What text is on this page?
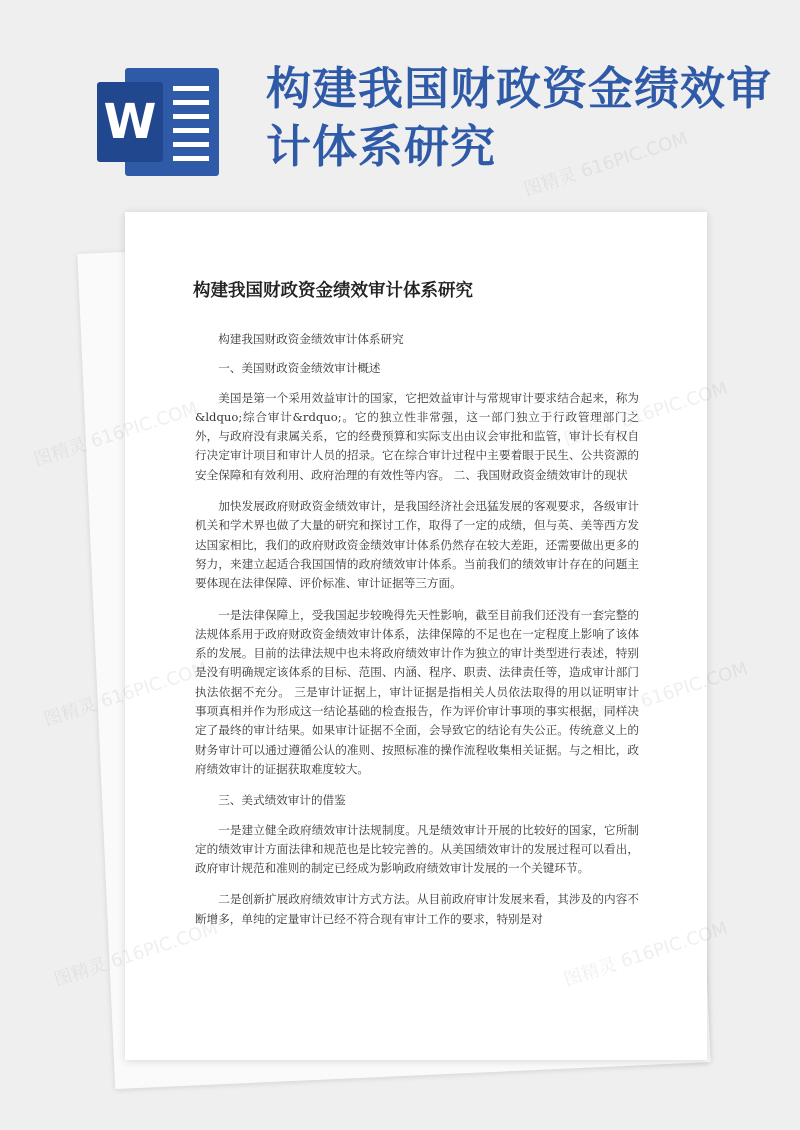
W
构建我国财政资金绩效审计体系研究
构建我国财政资金绩效审计体系研究

构建我国财政资金绩效审计体系研究

一、美国财政资金绩效审计概述

美国是第一个采用效益审计的国家，它把效益审计与常规审计要求结合起来，称为&ldquo;综合审计&rdquo;。它的独立性非常强，这一部门独立于行政管理部门之外，与政府没有隶属关系，它的经费预算和实际支出由议会审批和监管，审计长有权自行决定审计项目和审计人员的招录。它在综合审计过程中主要着眼于民生、公共资源的安全保障和有效利用、政府治理的有效性等内容。 二、我国财政资金绩效审计的现状

加快发展政府财政资金绩效审计，是我国经济社会迅猛发展的客观要求，各级审计机关和学术界也做了大量的研究和探讨工作，取得了一定的成绩，但与英、美等西方发达国家相比，我们的政府财政资金绩效审计体系仍然存在较大差距，还需要做出更多的努力，来建立起适合我国国情的政府绩效审计体系。当前我们的绩效审计存在的问题主要体现在法律保障、评价标准、审计证据等三方面。

一是法律保障上，受我国起步较晚得先天性影响，截至目前我们还没有一套完整的法规体系用于政府财政资金绩效审计体系，法律保障的不足也在一定程度上影响了该体系的发展。目前的法律法规中也未将政府绩效审计作为独立的审计类型进行表述，特别是没有明确规定该体系的目标、范围、内涵、程序、职责、法律责任等，造成审计部门执法依据不充分。 三是审计证据上，审计证据是指相关人员依法取得的用以证明审计事项真相并作为形成这一结论基础的检查报告，作为评价审计事项的事实根据，同样决定了最终的审计结果。如果审计证据不全面，会导致它的结论有失公正。传统意义上的财务审计可以通过遵循公认的准则、按照标准的操作流程收集相关证据。与之相比，政府绩效审计的证据获取难度较大。

三、美式绩效审计的借鉴

一是建立健全政府绩效审计法规制度。凡是绩效审计开展的比较好的国家，它所制定的绩效审计方面法律和规范也是比较完善的。从美国绩效审计的发展过程可以看出，政府审计规范和准则的制定已经成为影响政府绩效审计发展的一个关键环节。

二是创新扩展政府绩效审计方式方法。从目前政府审计发展来看，其涉及的内容不断增多，单纯的定量审计已经不符合现有审计工作的要求，特别是对

图精灵 616PIC.COM
图精灵
图精灵
图精灵
